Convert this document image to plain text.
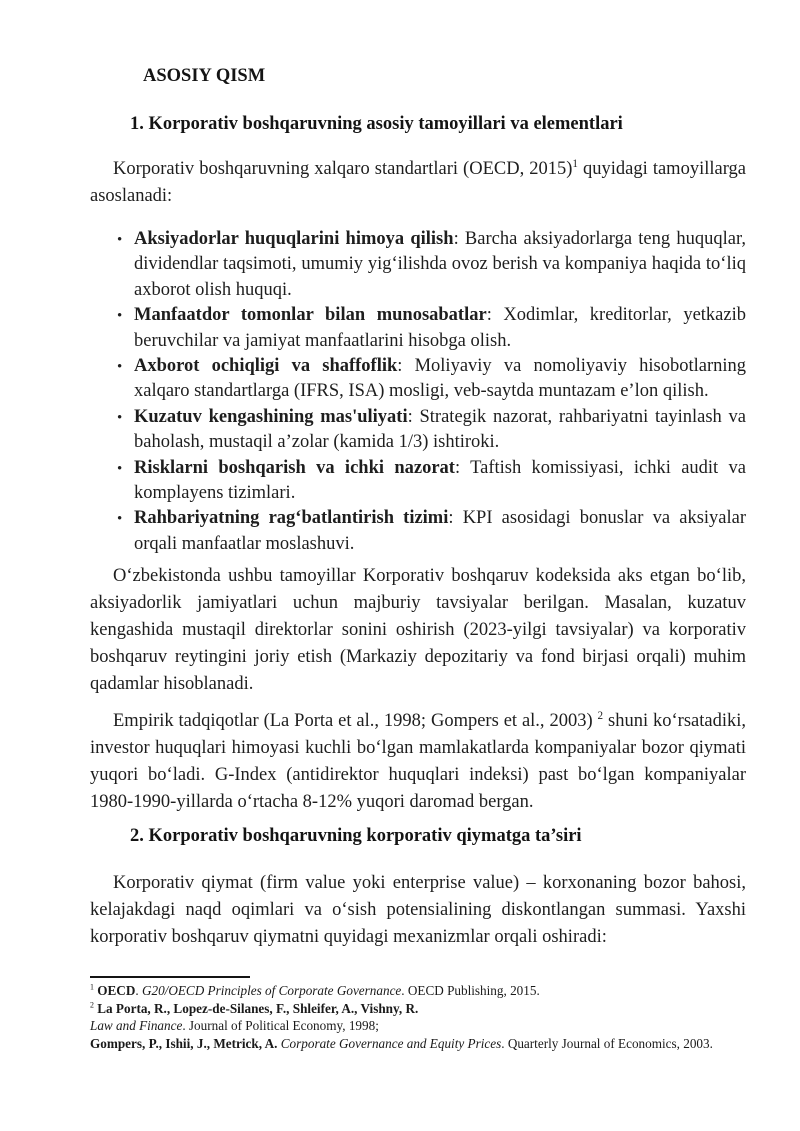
ASOSIY QISM
1. Korporativ boshqaruvning asosiy tamoyillari va elementlari

Korporativ boshqaruvning xalqaro standartlari (OECD, 2015)$^1$ quyidagi tamoyillarga asoslanadi:

• Aksiyadorlar huquqlarini himoya qilish: Barcha aksiyadorlarga teng huquqlar, dividendlar taqsimoti, umumiy yigʻilishda ovoz berish va kompaniya haqida toʻliq axborot olish huquqi.
• Manfaatdor tomonlar bilan munosabatlar: Xodimlar, kreditorlar, yetkazib beruvchilar va jamiyat manfaatlarini hisobga olish.
• Axborot ochiqligi va shaffoflik: Moliyaviy va nomoliyaviy hisobotlarning xalqaro standartlarga (IFRS, ISA) mosligi, veb-saytda muntazam e’lon qilish.
• Kuzatuv kengashining mas'uliyati: Strategik nazorat, rahbariyatni tayinlash va baholash, mustaqil a’zolar (kamida 1/3) ishtiroki.
• Risklarni boshqarish va ichki nazorat: Taftish komissiyasi, ichki audit va komplayens tizimlari.
• Rahbariyatning ragʻbatlantirish tizimi: KPI asosidagi bonuslar va aksiyalar orqali manfaatlar moslashuvi.

Oʻzbekistonda ushbu tamoyillar Korporativ boshqaruv kodeksida aks etgan boʻlib, aksiyadorlik jamiyatlari uchun majburiy tavsiyalar berilgan. Masalan, kuzatuv kengashida mustaqil direktorlar sonini oshirish (2023-yilgi tavsiyalar) va korporativ boshqaruv reytingini joriy etish (Markaziy depozitariy va fond birjasi orqali) muhim qadamlar hisoblanadi.

Empirik tadqiqotlar (La Porta et al., 1998; Gompers et al., 2003) $^2$ shuni koʻrsatadiki, investor huquqlari himoyasi kuchli boʻlgan mamlakatlarda kompaniyalar bozor qiymati yuqori boʻladi. G-Index (antidirektor huquqlari indeksi) past boʻlgan kompaniyalar 1980-1990-yillarda oʻrtacha 8-12% yuqori daromad bergan.

2. Korporativ boshqaruvning korporativ qiymatga ta’siri

Korporativ qiymat (firm value yoki enterprise value) – korxonaning bozor bahosi, kelajakdagi naqd oqimlari va oʻsish potensialining diskontlangan summasi. Yaxshi korporativ boshqaruv qiymatni quyidagi mexanizmlar orqali oshiradi:

$^1$ OECD. G20/OECD Principles of Corporate Governance. OECD Publishing, 2015.
$^2$ La Porta, R., Lopez-de-Silanes, F., Shleifer, A., Vishny, R.
Law and Finance. Journal of Political Economy, 1998;
Gompers, P., Ishii, J., Metrick, A. Corporate Governance and Equity Prices. Quarterly Journal of Economics, 2003.
